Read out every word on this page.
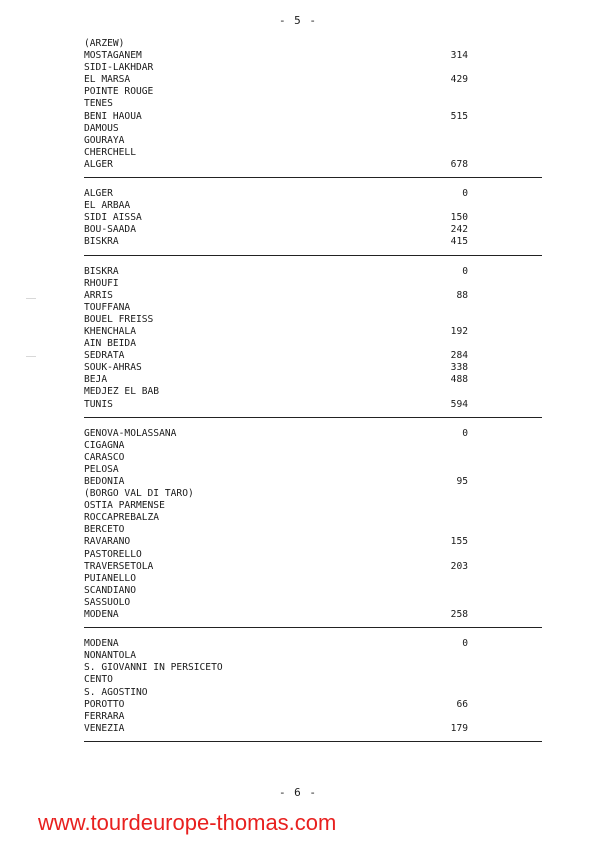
- 5 -
(ARZEW)
MOSTAGANEM	314
SIDI-LAKHDAR
EL MARSA	429
POINTE ROUGE
TENES
BENI HAOUA	515
DAMOUS
GOURAYA
CHERCHELL
ALGER	678
ALGER	0
EL ARBAA
SIDI AISSA	150
BOU-SAADA	242
BISKRA	415
BISKRA	0
RHOUFI
ARRIS	88
TOUFFANA
BOUEL FREISS
KHENCHALA	192
AIN BEIDA
SEDRATA	284
SOUK-AHRAS	338
BEJA	488
MEDJEZ EL BAB
TUNIS	594
GENOVA-MOLASSANA	0
CIGAGNA
CARASCO
PELOSA
BEDONIA	95
(BORGO VAL DI TARO)
OSTIA PARMENSE
ROCCAPREBALZA
BERCETO
RAVARANO	155
PASTORELLO
TRAVERSETOLA	203
PUIANELLO
SCANDIANO
SASSUOLO
MODENA	258
MODENA	0
NONANTOLA
S. GIOVANNI IN PERSICETO
CENTO
S. AGOSTINO
POROTTO	66
FERRARA
VENEZIA	179
- 6 -
www.tourdeurope-thomas.com
